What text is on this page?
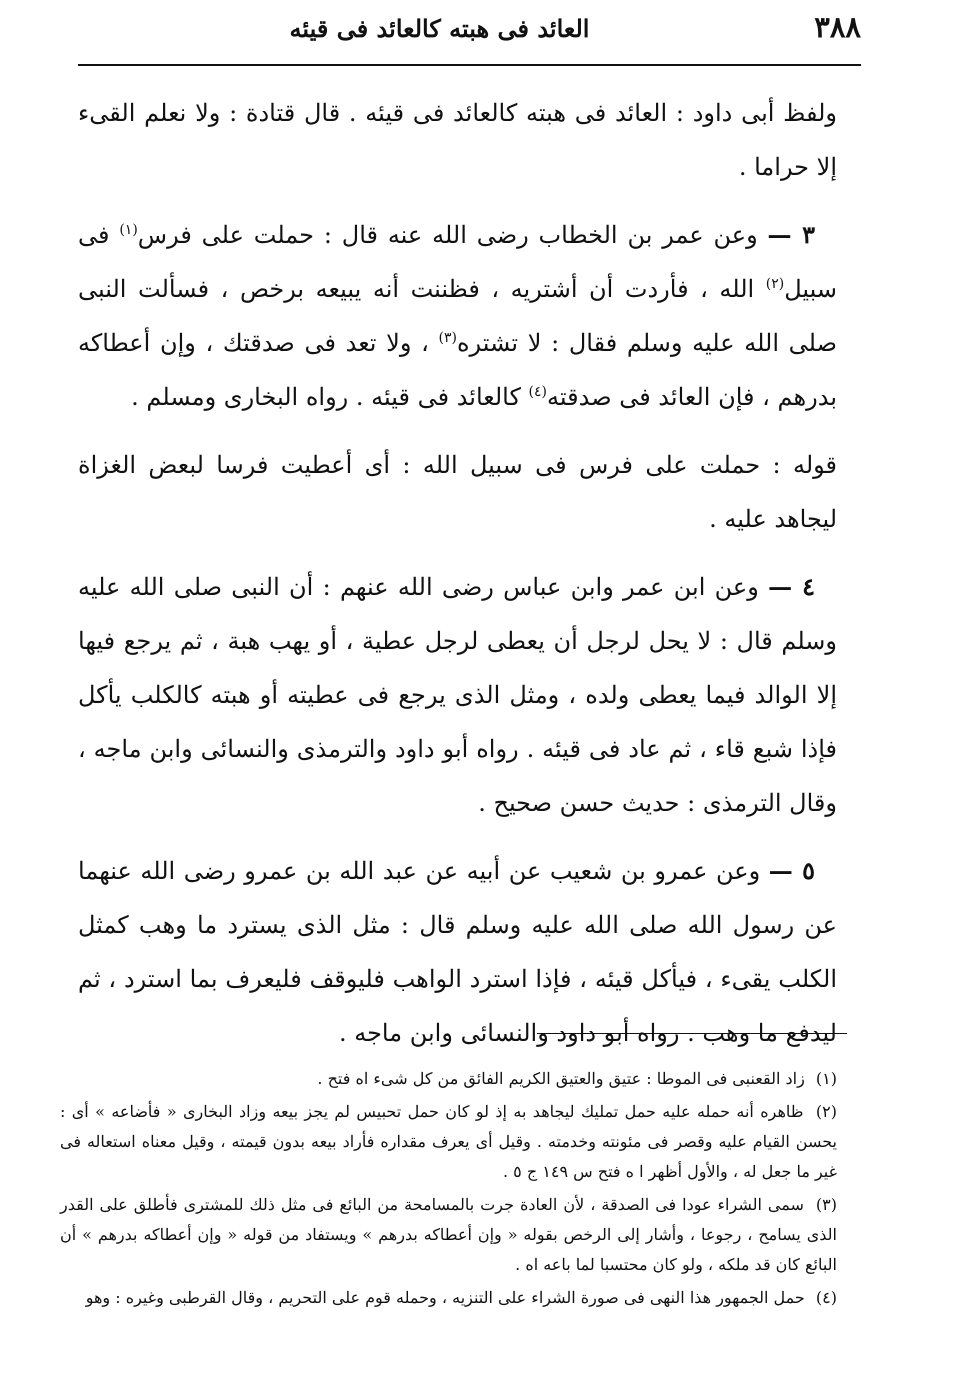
٣٨٨
العائد فى هبته كالعائد فى قيئه

ولفظ أبى داود : العائد فى هبته كالعائد فى قيئه . قال قتادة : ولا نعلم القىء إلا حراما .

٣ — وعن عمر بن الخطاب رضى الله عنه قال : حملت على فرس$^{(١)}$ فى سبيل$^{(٢)}$ الله ، فأردت أن أشتريه ، فظننت أنه يبيعه برخص ، فسألت النبى صلى الله عليه وسلم فقال : لا تشتره$^{(٣)}$ ، ولا تعد فى صدقتك ، وإن أعطاكه بدرهم ، فإن العائد فى صدقته$^{(٤)}$ كالعائد فى قيئه . رواه البخارى ومسلم .

قوله : حملت على فرس فى سبيل الله : أى أعطيت فرسا لبعض الغزاة ليجاهد عليه .

٤ — وعن ابن عمر وابن عباس رضى الله عنهم : أن النبى صلى الله عليه وسلم قال : لا يحل لرجل أن يعطى لرجل عطية ، أو يهب هبة ، ثم يرجع فيها إلا الوالد فيما يعطى ولده ، ومثل الذى يرجع فى عطيته أو هبته كالكلب يأكل فإذا شبع قاء ، ثم عاد فى قيئه . رواه أبو داود والترمذى والنسائى وابن ماجه ، وقال الترمذى : حديث حسن صحيح .

٥ — وعن عمرو بن شعيب عن أبيه عن عبد الله بن عمرو رضى الله عنهما عن رسول الله صلى الله عليه وسلم قال : مثل الذى يسترد ما وهب كمثل الكلب يقىء ، فيأكل قيئه ، فإذا استرد الواهب فليوقف فليعرف بما استرد ، ثم ليدفع ما وهب . رواه أبو داود والنسائى وابن ماجه .

(١) زاد القعنبى فى الموطا : عتيق والعتيق الكريم الفائق من كل شىء اه فتح .

(٢) ظاهره أنه حمله عليه حمل تمليك ليجاهد به إذ لو كان حمل تحبيس لم يجز بيعه وزاد البخارى « فأضاعه » أى : يحسن القيام عليه وقصر فى مئونته وخدمته . وقيل أى يعرف مقداره فأراد بيعه بدون قيمته ، وقيل معناه استعاله فى غير ما جعل له ، والأول أظهر ا ه فتح س ١٤٩ ج ٥ .

(٣) سمى الشراء عودا فى الصدقة ، لأن العادة جرت بالمسامحة من البائع فى مثل ذلك للمشترى فأطلق على القدر الذى يسامح ، رجوعا ، وأشار إلى الرخص بقوله « وإن أعطاكه بدرهم » ويستفاد من قوله « وإن أعطاكه بدرهم » أن البائع كان قد ملكه ، ولو كان محتسبا لما باعه اه .

(٤) حمل الجمهور هذا النهى فى صورة الشراء على التنزيه ، وحمله قوم على التحريم ، وقال القرطبى وغيره : وهو
